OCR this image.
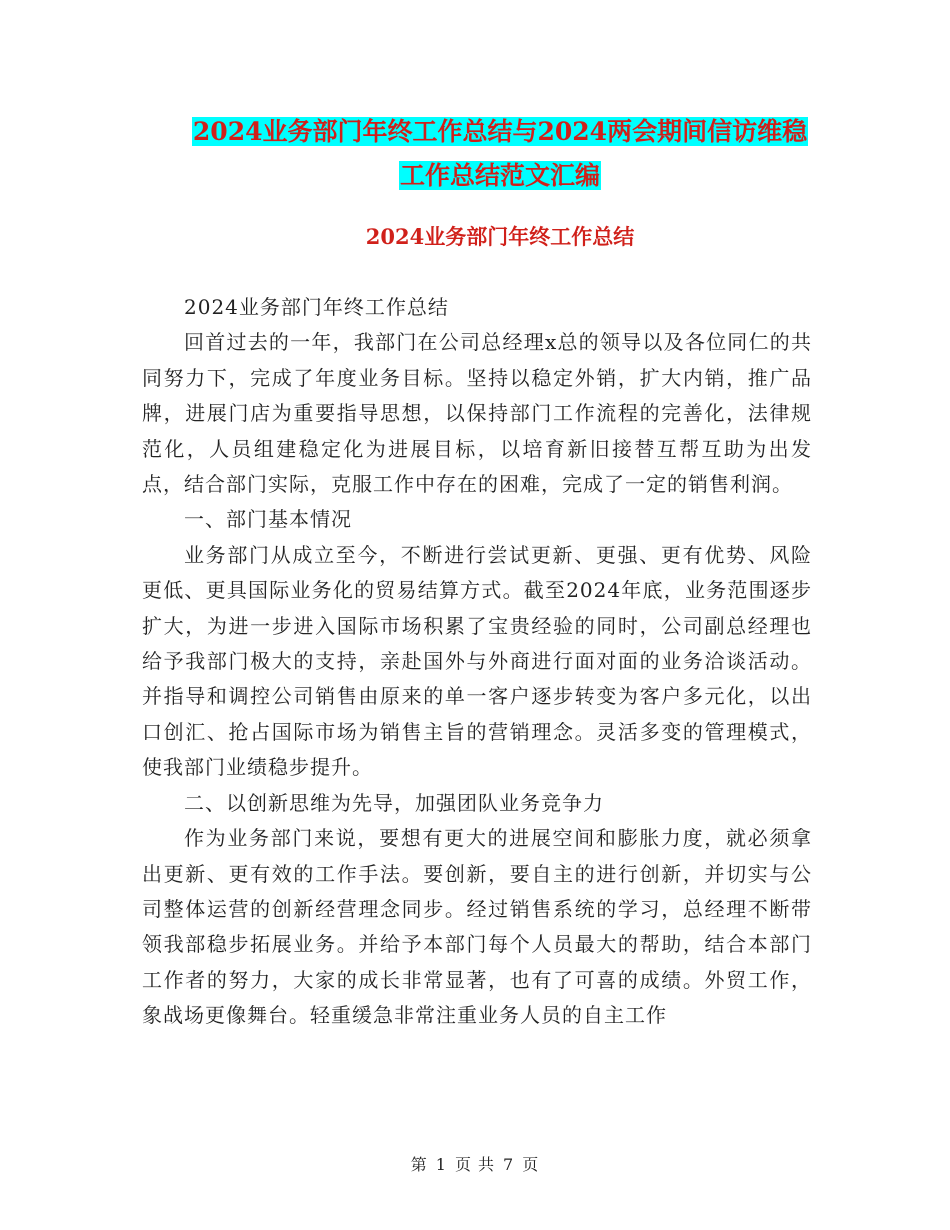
2024业务部门年终工作总结与2024两会期间信访维稳
工作总结范文汇编
2024业务部门年终工作总结

2024业务部门年终工作总结

回首过去的一年，我部门在公司总经理x总的领导以及各位同仁的共同努力下，完成了年度业务目标。坚持以稳定外销，扩大内销，推广品牌，进展门店为重要指导思想，以保持部门工作流程的完善化，法律规范化，人员组建稳定化为进展目标，以培育新旧接替互帮互助为出发点，结合部门实际，克服工作中存在的困难，完成了一定的销售利润。

一、部门基本情况

业务部门从成立至今，不断进行尝试更新、更强、更有优势、风险更低、更具国际业务化的贸易结算方式。截至2024年底，业务范围逐步扩大，为进一步进入国际市场积累了宝贵经验的同时，公司副总经理也给予我部门极大的支持，亲赴国外与外商进行面对面的业务洽谈活动。并指导和调控公司销售由原来的单一客户逐步转变为客户多元化，以出口创汇、抢占国际市场为销售主旨的营销理念。灵活多变的管理模式，使我部门业绩稳步提升。

二、以创新思维为先导，加强团队业务竞争力

作为业务部门来说，要想有更大的进展空间和膨胀力度，就必须拿出更新、更有效的工作手法。要创新，要自主的进行创新，并切实与公司整体运营的创新经营理念同步。经过销售系统的学习，总经理不断带领我部稳步拓展业务。并给予本部门每个人员最大的帮助，结合本部门工作者的努力，大家的成长非常显著，也有了可喜的成绩。外贸工作，象战场更像舞台。轻重缓急非常注重业务人员的自主工作

第 1 页 共 7 页
